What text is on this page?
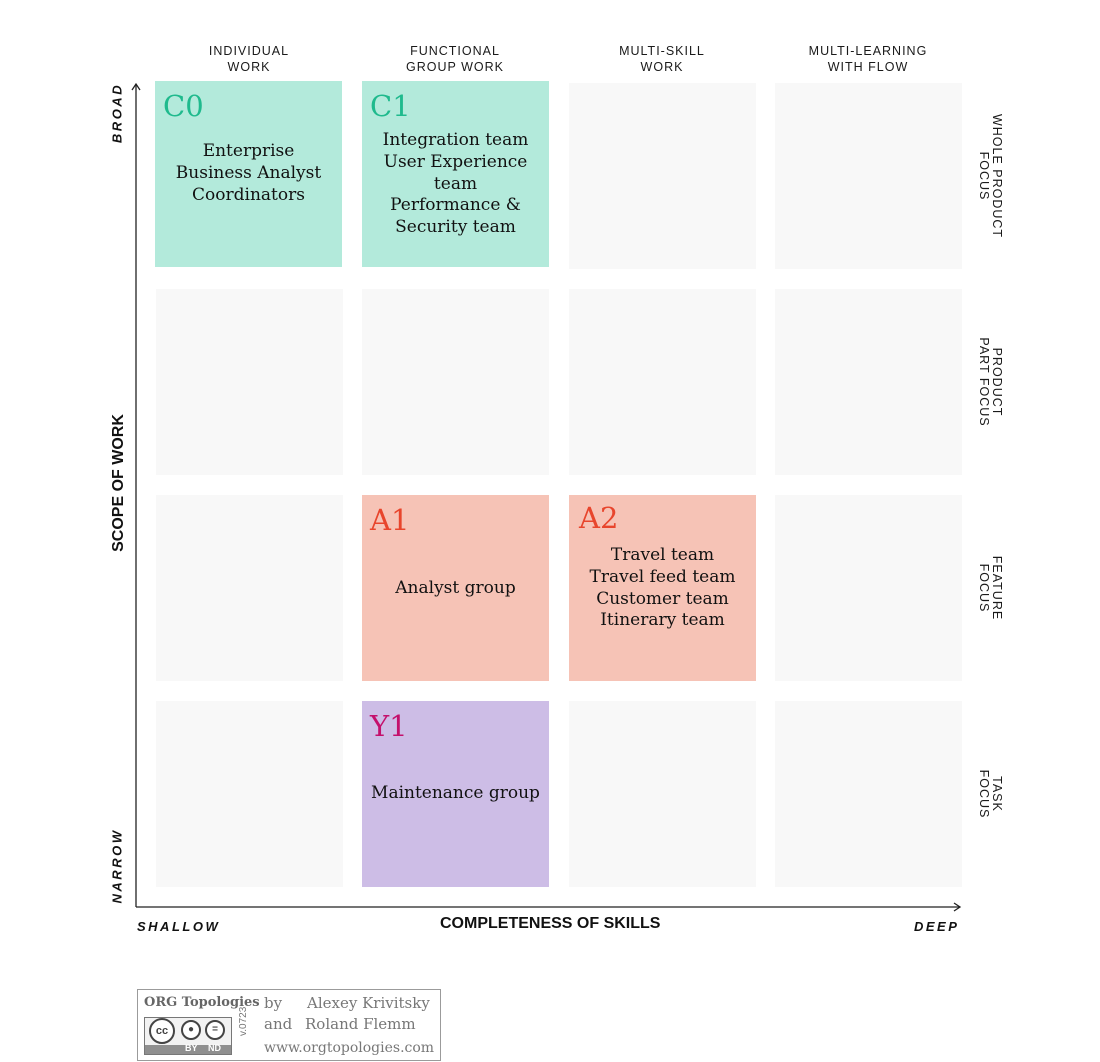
INDIVIDUAL
WORK
FUNCTIONAL
GROUP WORK
MULTI-SKILL
WORK
MULTI-LEARNING
WITH FLOW
C0
Enterprise
Business Analyst
Coordinators
C1
Integration team
User Experience
team
Performance &
Security team
A1
Analyst group
A2
Travel team
Travel feed team
Customer team
Itinerary team
Y1
Maintenance group
WHOLE PRODUCT
FOCUS
PRODUCT
PART FOCUS
FEATURE
FOCUS
TASK
FOCUS
BROAD
NARROW
SCOPE OF WORK
SHALLOW	COMPLETENESS OF SKILLS	DEEP
ORG Topologies
cc	●	=
BY ND
v.0723
by Alexey Krivitsky
and Roland Flemm
www.orgtopologies.com
